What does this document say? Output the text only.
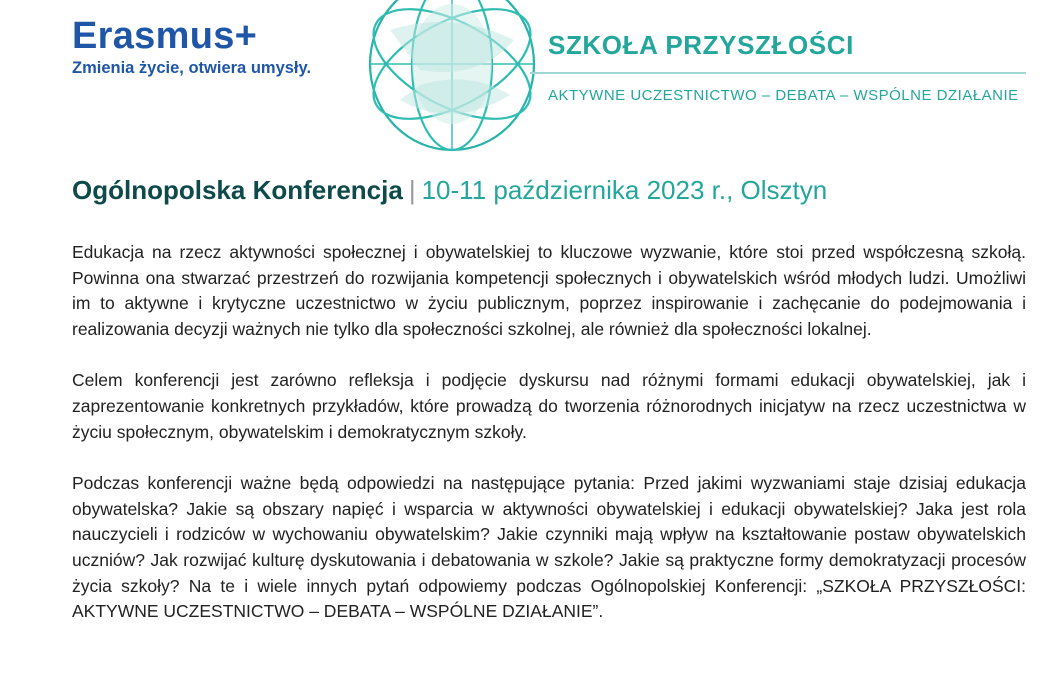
Erasmus+
Zmienia życie, otwiera umysły.
SZKOŁA PRZYSZŁOŚCI
AKTYWNE UCZESTNICTWO – DEBATA – WSPÓLNE DZIAŁANIE
Ogólnopolska Konferencja | 10-11 października 2023 r., Olsztyn

Edukacja na rzecz aktywności społecznej i obywatelskiej to kluczowe wyzwanie, które stoi przed współczesną szkołą. Powinna ona stwarzać przestrzeń do rozwijania kompetencji społecznych i obywatelskich wśród młodych ludzi. Umożliwi im to aktywne i krytyczne uczestnictwo w życiu publicznym, poprzez inspirowanie i zachęcanie do podejmowania i realizowania decyzji ważnych nie tylko dla społeczności szkolnej, ale również dla społeczności lokalnej.

Celem konferencji jest zarówno refleksja i podjęcie dyskursu nad różnymi formami edukacji obywatelskiej, jak i zaprezentowanie konkretnych przykładów, które prowadzą do tworzenia różnorodnych inicjatyw na rzecz uczestnictwa w życiu społecznym, obywatelskim i demokratycznym szkoły.

Podczas konferencji ważne będą odpowiedzi na następujące pytania: Przed jakimi wyzwaniami staje dzisiaj edukacja obywatelska? Jakie są obszary napięć i wsparcia w aktywności obywatelskiej i edukacji obywatelskiej? Jaka jest rola nauczycieli i rodziców w wychowaniu obywatelskim? Jakie czynniki mają wpływ na kształtowanie postaw obywatelskich uczniów? Jak rozwijać kulturę dyskutowania i debatowania w szkole? Jakie są praktyczne formy demokratyzacji procesów życia szkoły? Na te i wiele innych pytań odpowiemy podczas Ogólnopolskiej Konferencji: „SZKOŁA PRZYSZŁOŚCI: AKTYWNE UCZESTNICTWO – DEBATA – WSPÓLNE DZIAŁANIE”.
